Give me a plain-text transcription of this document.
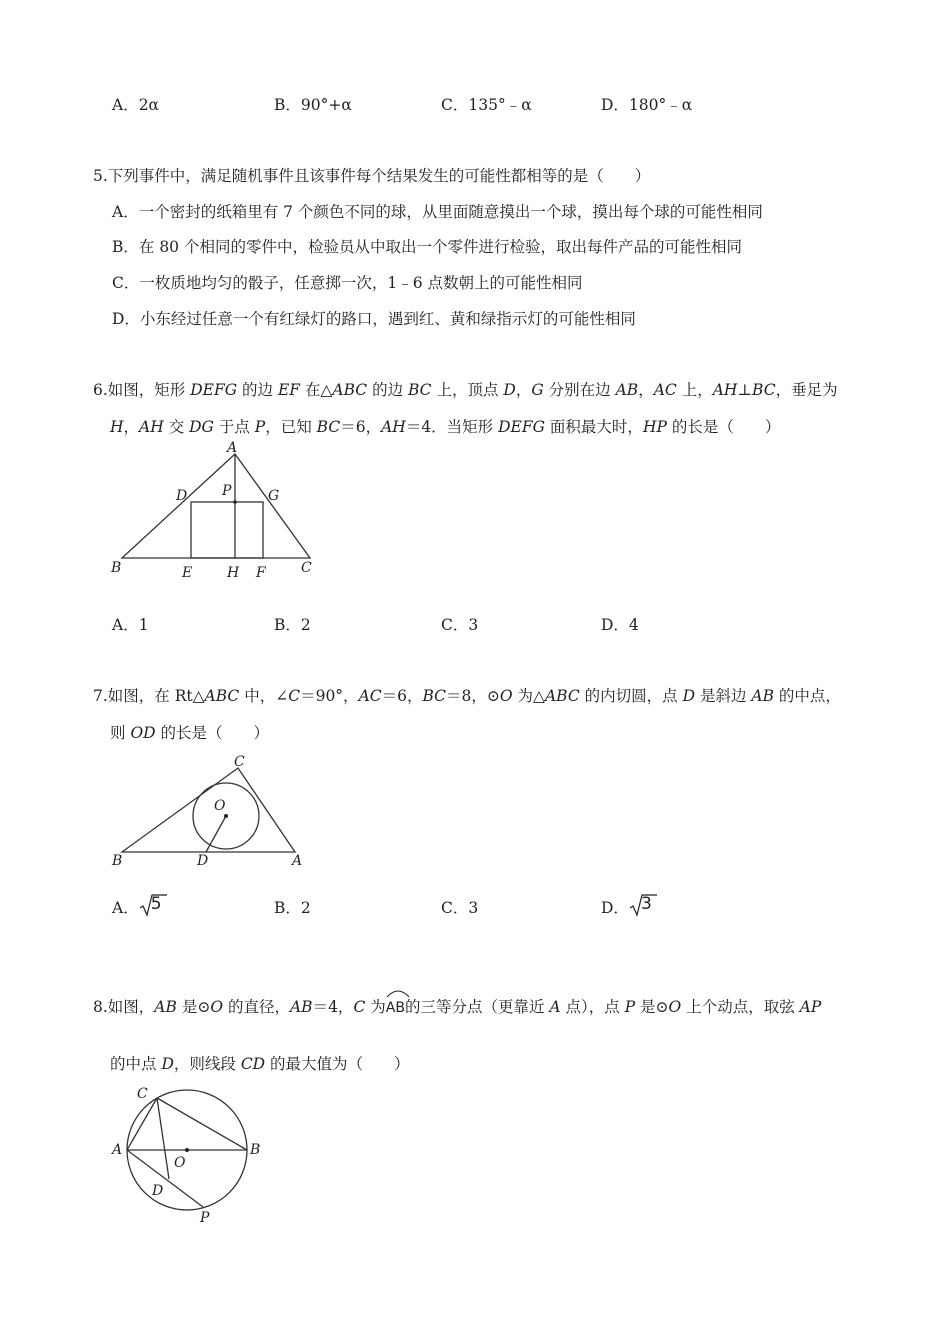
A．2α	B．90°+α	C．135°﹣α	D．180°﹣α
5.下列事件中，满足随机事件且该事件每个结果发生的可能性都相等的是（　　）
A．一个密封的纸箱里有 7 个颜色不同的球，从里面随意摸出一个球，摸出每个球的可能性相同
B．在 80 个相同的零件中，检验员从中取出一个零件进行检验，取出每件产品的可能性相同
C．一枚质地均匀的骰子，任意掷一次，1﹣6 点数朝上的可能性相同
D．小东经过任意一个有红绿灯的路口，遇到红、黄和绿指示灯的可能性相同
6.如图，矩形 DEFG 的边 EF 在△ABC 的边 BC 上，顶点 D，G 分别在边 AB，AC 上，AH⊥BC，垂足为
H，AH 交 DG 于点 P，已知 BC＝6，AH＝4．当矩形 DEFG 面积最大时，HP 的长是（　　）
A
D P	G
B	E H F	C
A．1	B．2	C．3	D．4
7.如图，在 Rt△ABC 中，∠C＝90°，AC＝6，BC＝8，⊙O 为△ABC 的内切圆，点 D 是斜边 AB 的中点，
则 OD 的长是（　　）
C
O
B	D	A
A． 5	B．2	C．3	D． 3
8.如图，AB 是⊙O 的直径，AB＝4，C 为
AB的三等分点（更靠近 A 点），点 P 是⊙O 上个动点，取弦 AP
的中点 D，则线段 CD 的最大值为（　　）
C
A
O
B
D
P
